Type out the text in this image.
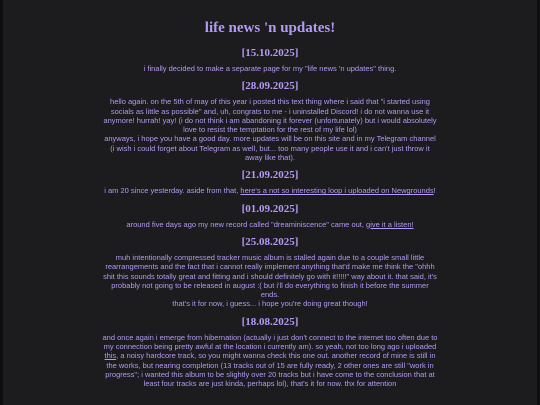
life news 'n updates!
[15.10.2025]

i finally decided to make a separate page for my "life news 'n updates" thing.

[28.09.2025]

hello again. on the 5th of may of this year i posted this text thing where i said that "i started using socials as little as possible" and, uh, congrats to me - i uninstalled Discord! i do not wanna use it anymore! hurrah! yay! (i do not think i am abandoning it forever (unfortunately) but i would absolutely love to resist the temptation for the rest of my life lol)

anyways, i hope you have a good day. more updates will be on this site and in my Telegram channel (i wish i could forget about Telegram as well, but... too many people use it and i can't just throw it away like that).

[21.09.2025]

i am 20 since yesterday. aside from that, here's a not so interesting loop i uploaded on Newgrounds!

[01.09.2025]

around five days ago my new record called "dreaminiscence" came out, give it a listen!

[25.08.2025]

muh intentionally compressed tracker music album is stalled again due to a couple small little rearrangements and the fact that i cannot really implement anything that'd make me think the "ohhh shit this sounds totally great and fitting and i should definitely go with it!!!!!" way about it. that said, it's probably not going to be released in august :( but i'll do everything to finish it before the summer ends.

that's it for now, i guess... i hope you're doing great though!

[18.08.2025]

and once again i emerge from hibernation (actually i just don't connect to the internet too often due to my connection being pretty awful at the location i currently am). so yeah, not too long ago i uploaded this, a noisy hardcore track, so you might wanna check this one out. another record of mine is still in the works, but nearing completion (13 tracks out of 15 are fully ready, 2 other ones are still "work in progress"; i wanted this album to be slightly over 20 tracks but i have come to the conclusion that at least four tracks are just kinda, perhaps lol), that's it for now. thx for attention
